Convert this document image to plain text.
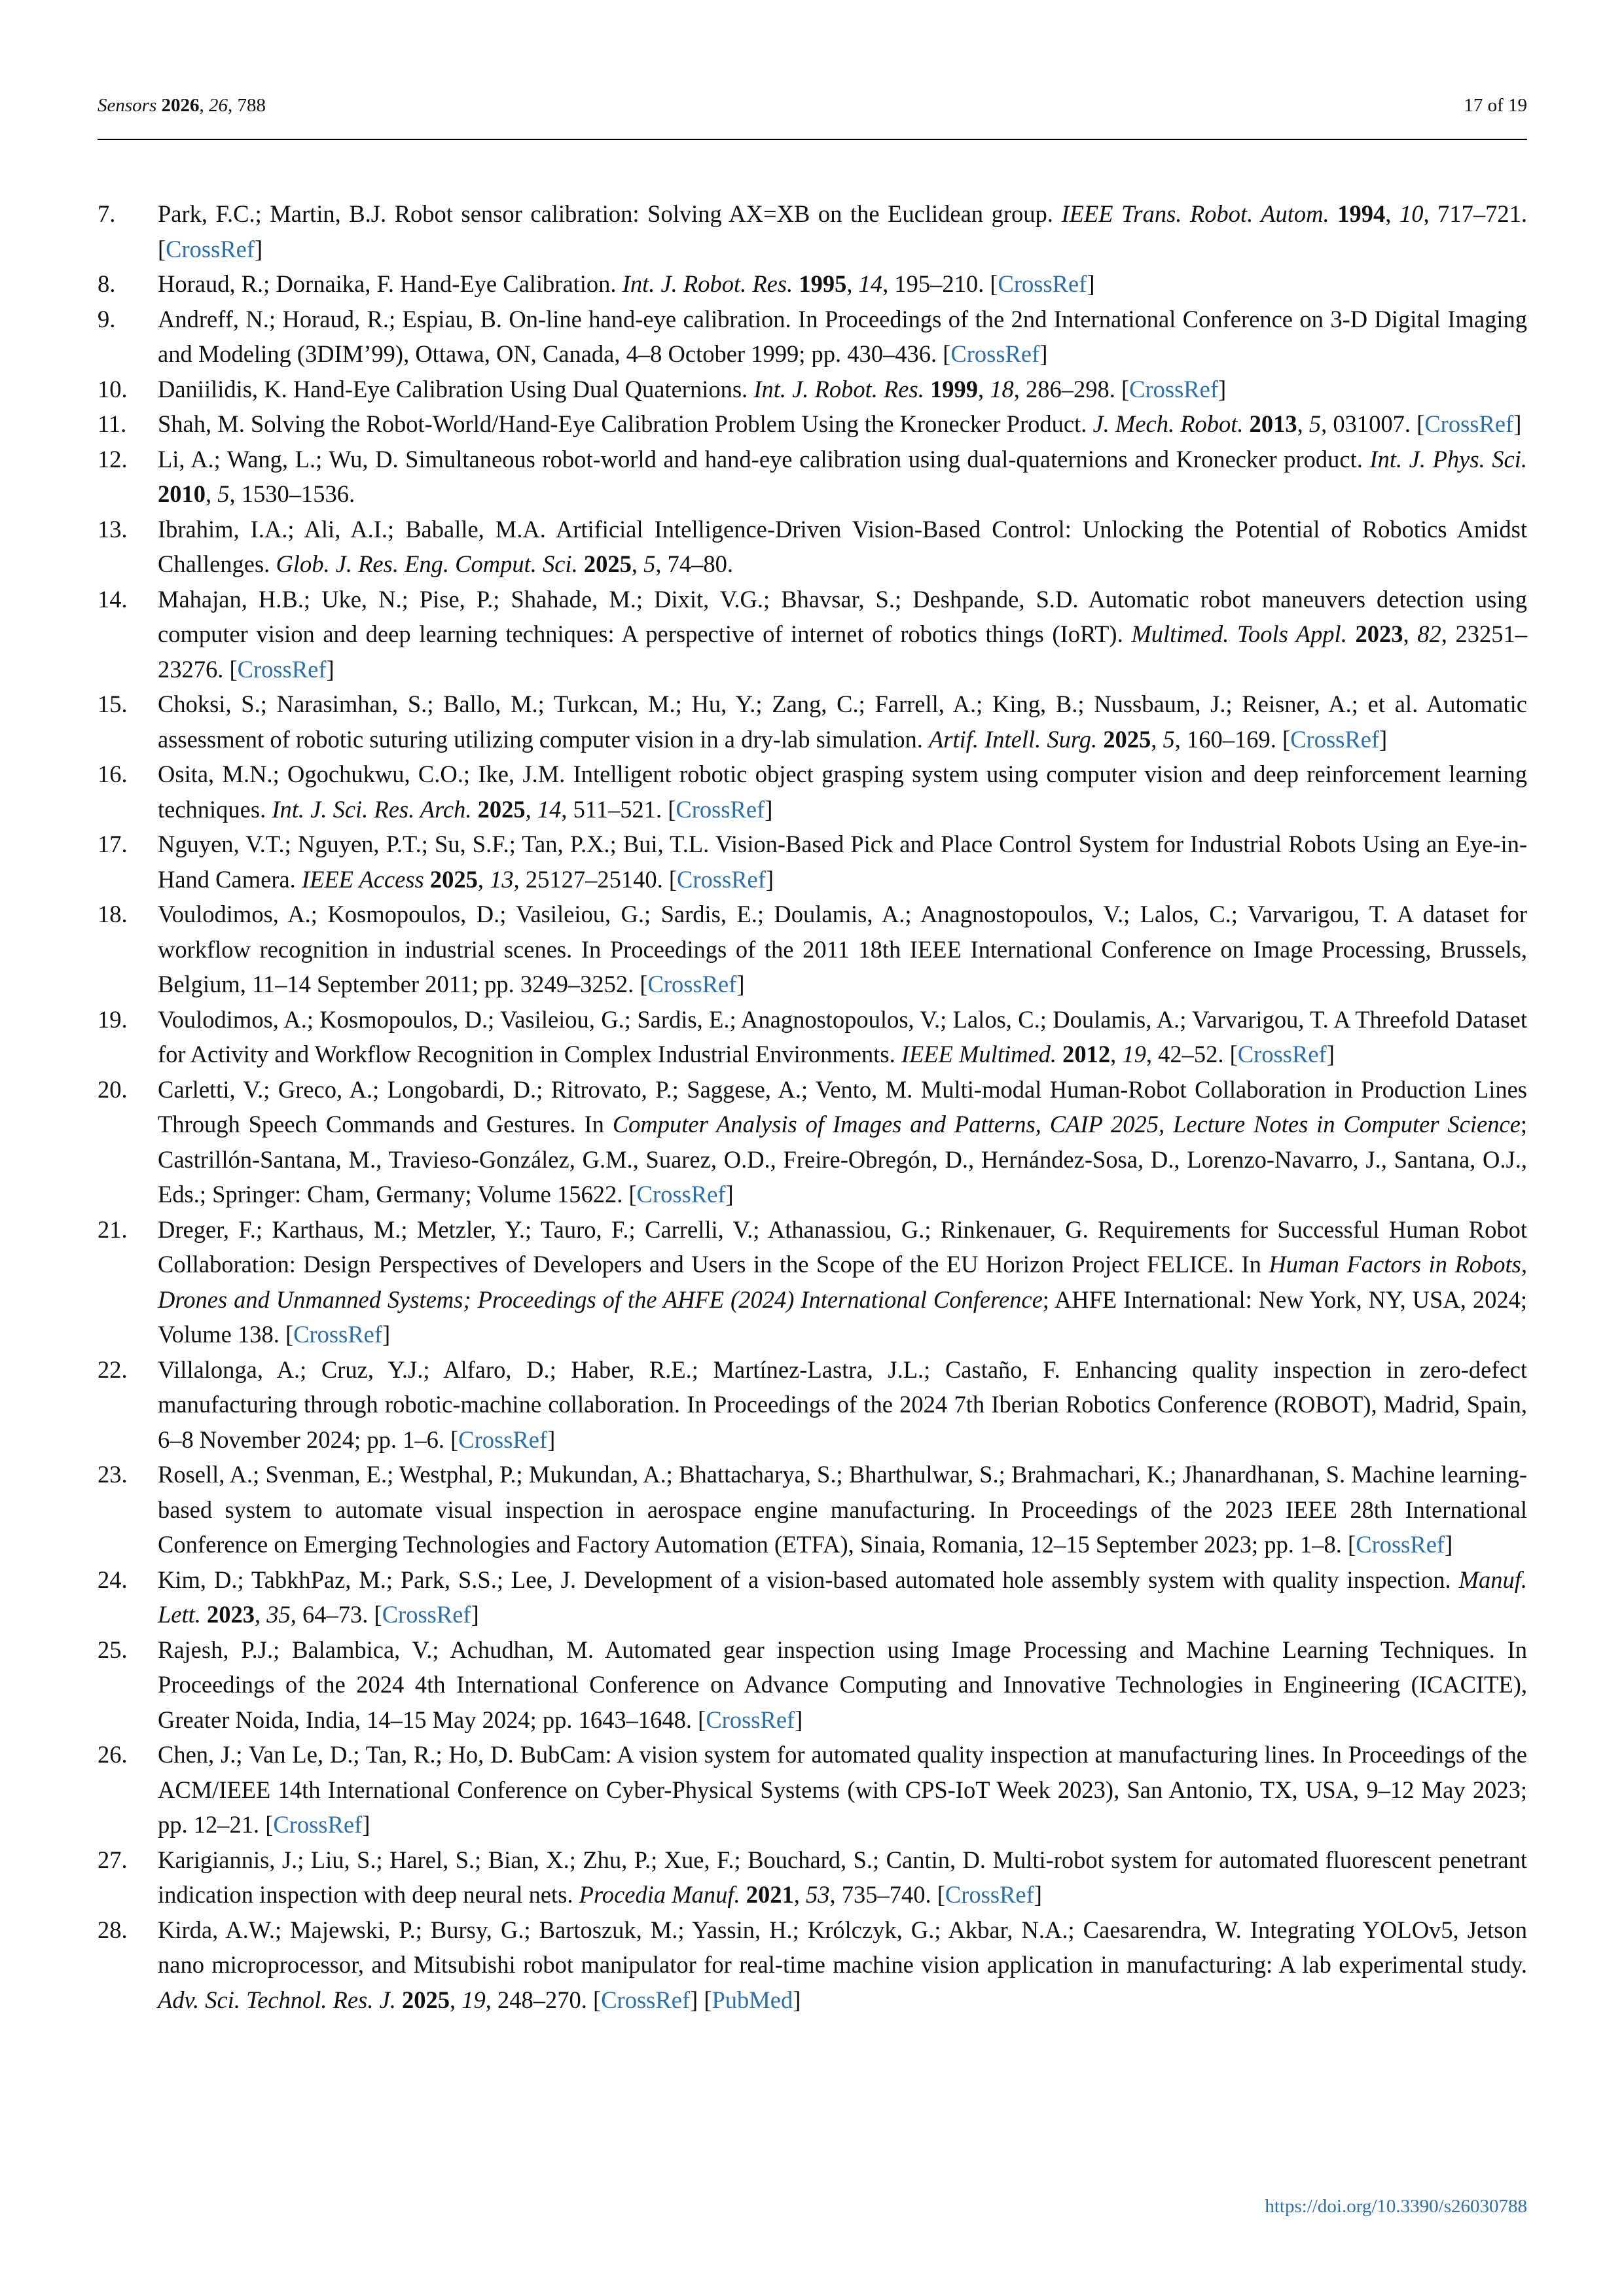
Sensors 2026, 26, 788	17 of 19
7. Park, F.C.; Martin, B.J. Robot sensor calibration: Solving AX=XB on the Euclidean group. IEEE Trans. Robot. Autom. 1994, 10, 717–721. [CrossRef]
8. Horaud, R.; Dornaika, F. Hand-Eye Calibration. Int. J. Robot. Res. 1995, 14, 195–210. [CrossRef]
9. Andreff, N.; Horaud, R.; Espiau, B. On-line hand-eye calibration. In Proceedings of the 2nd International Conference on 3-D Digital Imaging and Modeling (3DIM’99), Ottawa, ON, Canada, 4–8 October 1999; pp. 430–436. [CrossRef]
10. Daniilidis, K. Hand-Eye Calibration Using Dual Quaternions. Int. J. Robot. Res. 1999, 18, 286–298. [CrossRef]
11. Shah, M. Solving the Robot-World/Hand-Eye Calibration Problem Using the Kronecker Product. J. Mech. Robot. 2013, 5, 031007. [CrossRef]
12. Li, A.; Wang, L.; Wu, D. Simultaneous robot-world and hand-eye calibration using dual-quaternions and Kronecker product. Int. J. Phys. Sci. 2010, 5, 1530–1536.
13. Ibrahim, I.A.; Ali, A.I.; Baballe, M.A. Artificial Intelligence-Driven Vision-Based Control: Unlocking the Potential of Robotics Amidst Challenges. Glob. J. Res. Eng. Comput. Sci. 2025, 5, 74–80.
14. Mahajan, H.B.; Uke, N.; Pise, P.; Shahade, M.; Dixit, V.G.; Bhavsar, S.; Deshpande, S.D. Automatic robot maneuvers detection using computer vision and deep learning techniques: A perspective of internet of robotics things (IoRT). Multimed. Tools Appl. 2023, 82, 23251–23276. [CrossRef]
15. Choksi, S.; Narasimhan, S.; Ballo, M.; Turkcan, M.; Hu, Y.; Zang, C.; Farrell, A.; King, B.; Nussbaum, J.; Reisner, A.; et al. Automatic assessment of robotic suturing utilizing computer vision in a dry-lab simulation. Artif. Intell. Surg. 2025, 5, 160–169. [CrossRef]
16. Osita, M.N.; Ogochukwu, C.O.; Ike, J.M. Intelligent robotic object grasping system using computer vision and deep reinforcement learning techniques. Int. J. Sci. Res. Arch. 2025, 14, 511–521. [CrossRef]
17. Nguyen, V.T.; Nguyen, P.T.; Su, S.F.; Tan, P.X.; Bui, T.L. Vision-Based Pick and Place Control System for Industrial Robots Using an Eye-in-Hand Camera. IEEE Access 2025, 13, 25127–25140. [CrossRef]
18. Voulodimos, A.; Kosmopoulos, D.; Vasileiou, G.; Sardis, E.; Doulamis, A.; Anagnostopoulos, V.; Lalos, C.; Varvarigou, T. A dataset for workflow recognition in industrial scenes. In Proceedings of the 2011 18th IEEE International Conference on Image Processing, Brussels, Belgium, 11–14 September 2011; pp. 3249–3252. [CrossRef]
19. Voulodimos, A.; Kosmopoulos, D.; Vasileiou, G.; Sardis, E.; Anagnostopoulos, V.; Lalos, C.; Doulamis, A.; Varvarigou, T. A Threefold Dataset for Activity and Workflow Recognition in Complex Industrial Environments. IEEE Multimed. 2012, 19, 42–52. [CrossRef]
20. Carletti, V.; Greco, A.; Longobardi, D.; Ritrovato, P.; Saggese, A.; Vento, M. Multi-modal Human-Robot Collaboration in Production Lines Through Speech Commands and Gestures. In Computer Analysis of Images and Patterns, CAIP 2025, Lecture Notes in Computer Science; Castrillón-Santana, M., Travieso-González, G.M., Suarez, O.D., Freire-Obregón, D., Hernández-Sosa, D., Lorenzo-Navarro, J., Santana, O.J., Eds.; Springer: Cham, Germany; Volume 15622. [CrossRef]
21. Dreger, F.; Karthaus, M.; Metzler, Y.; Tauro, F.; Carrelli, V.; Athanassiou, G.; Rinkenauer, G. Requirements for Successful Human Robot Collaboration: Design Perspectives of Developers and Users in the Scope of the EU Horizon Project FELICE. In Human Factors in Robots, Drones and Unmanned Systems; Proceedings of the AHFE (2024) International Conference; AHFE International: New York, NY, USA, 2024; Volume 138. [CrossRef]
22. Villalonga, A.; Cruz, Y.J.; Alfaro, D.; Haber, R.E.; Martínez-Lastra, J.L.; Castaño, F. Enhancing quality inspection in zero-defect manufacturing through robotic-machine collaboration. In Proceedings of the 2024 7th Iberian Robotics Conference (ROBOT), Madrid, Spain, 6–8 November 2024; pp. 1–6. [CrossRef]
23. Rosell, A.; Svenman, E.; Westphal, P.; Mukundan, A.; Bhattacharya, S.; Bharthulwar, S.; Brahmachari, K.; Jhanardhanan, S. Machine learning-based system to automate visual inspection in aerospace engine manufacturing. In Proceedings of the 2023 IEEE 28th International Conference on Emerging Technologies and Factory Automation (ETFA), Sinaia, Romania, 12–15 September 2023; pp. 1–8. [CrossRef]
24. Kim, D.; TabkhPaz, M.; Park, S.S.; Lee, J. Development of a vision-based automated hole assembly system with quality inspection. Manuf. Lett. 2023, 35, 64–73. [CrossRef]
25. Rajesh, P.J.; Balambica, V.; Achudhan, M. Automated gear inspection using Image Processing and Machine Learning Techniques. In Proceedings of the 2024 4th International Conference on Advance Computing and Innovative Technologies in Engineering (ICACITE), Greater Noida, India, 14–15 May 2024; pp. 1643–1648. [CrossRef]
26. Chen, J.; Van Le, D.; Tan, R.; Ho, D. BubCam: A vision system for automated quality inspection at manufacturing lines. In Proceedings of the ACM/IEEE 14th International Conference on Cyber-Physical Systems (with CPS-IoT Week 2023), San Antonio, TX, USA, 9–12 May 2023; pp. 12–21. [CrossRef]
27. Karigiannis, J.; Liu, S.; Harel, S.; Bian, X.; Zhu, P.; Xue, F.; Bouchard, S.; Cantin, D. Multi-robot system for automated fluorescent penetrant indication inspection with deep neural nets. Procedia Manuf. 2021, 53, 735–740. [CrossRef]
28. Kirda, A.W.; Majewski, P.; Bursy, G.; Bartoszuk, M.; Yassin, H.; Królczyk, G.; Akbar, N.A.; Caesarendra, W. Integrating YOLOv5, Jetson nano microprocessor, and Mitsubishi robot manipulator for real-time machine vision application in manufacturing: A lab experimental study. Adv. Sci. Technol. Res. J. 2025, 19, 248–270. [CrossRef] [PubMed]
https://doi.org/10.3390/s26030788
